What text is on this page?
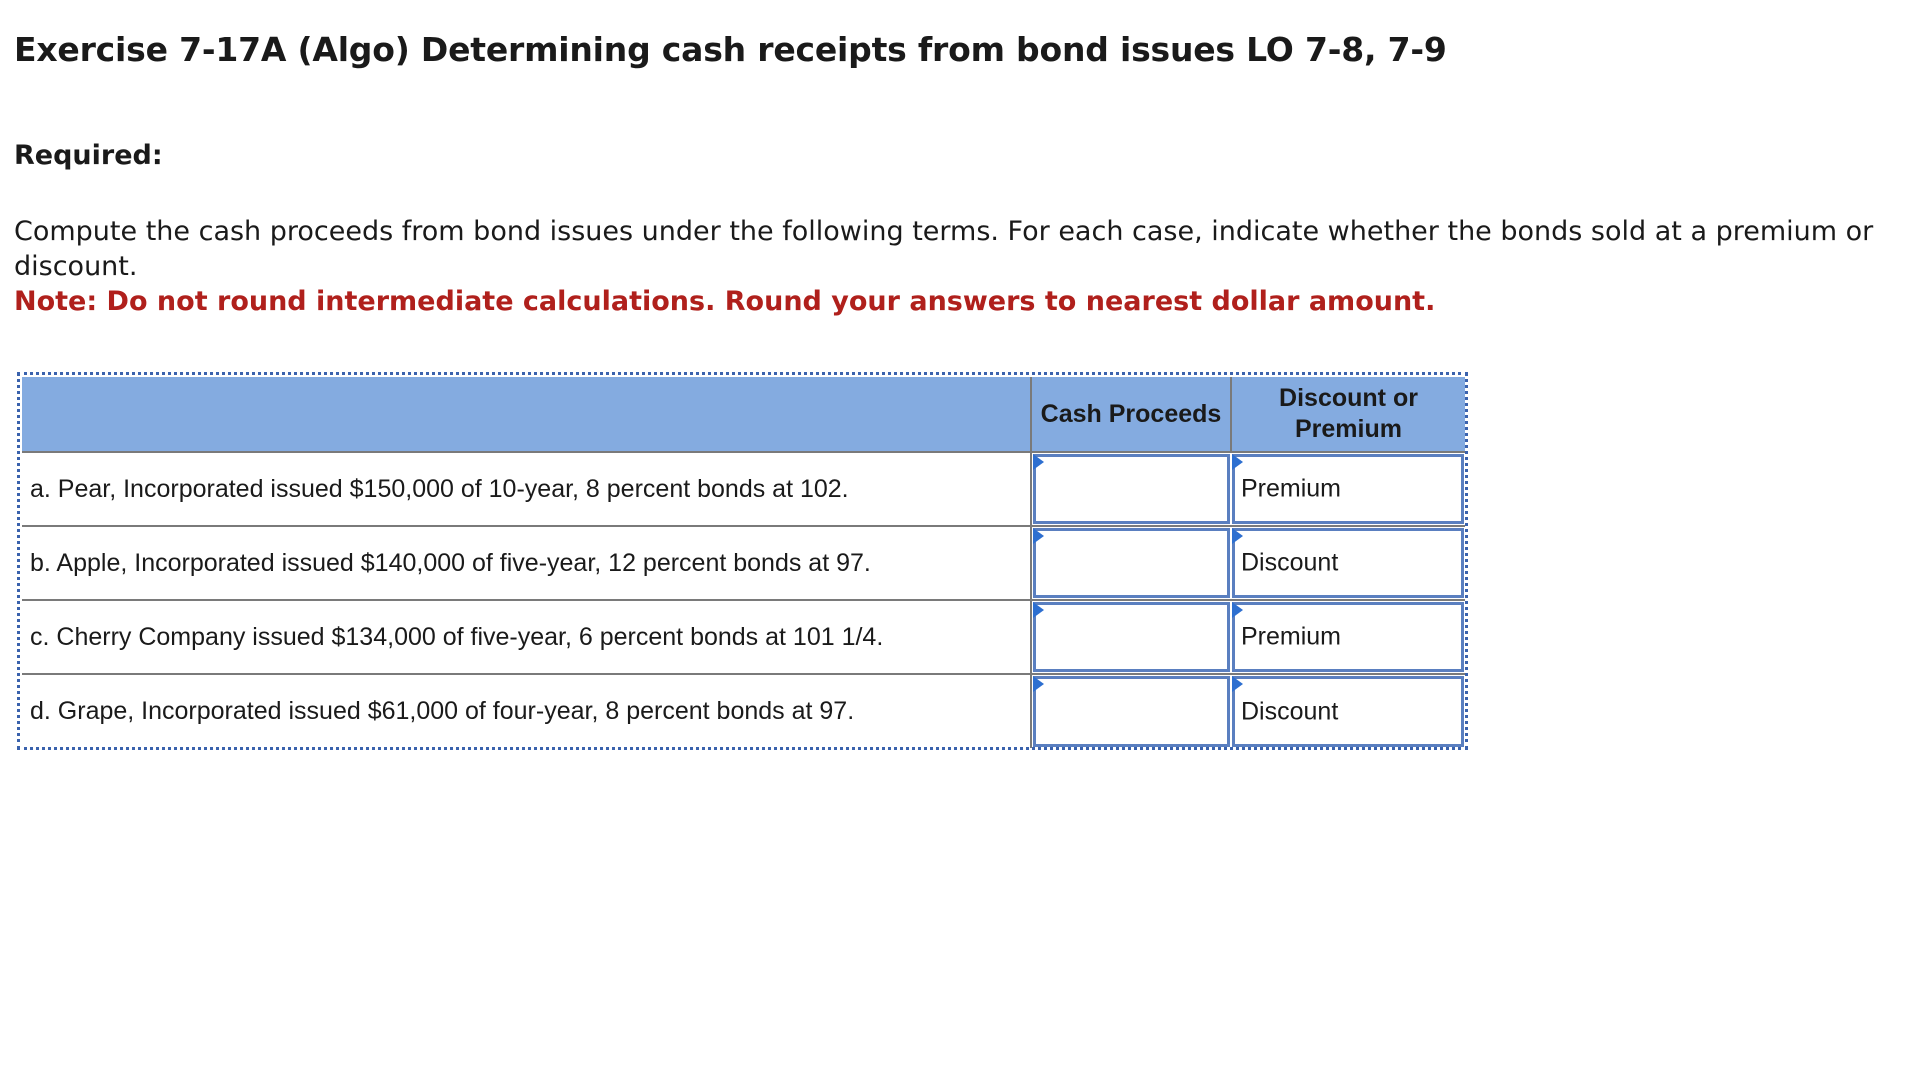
Exercise 7-17A (Algo) Determining cash receipts from bond issues LO 7-8, 7-9
Required:

Compute the cash proceeds from bond issues under the following terms. For each case, indicate whether the bonds sold at a premium or discount.

Note: Do not round intermediate calculations. Round your answers to nearest dollar amount.

	Cash Proceeds	Discount or Premium
a. Pear, Incorporated issued $150,000 of 10-year, 8 percent bonds at 102.		Premium

b. Apple, Incorporated issued $140,000 of five-year, 12 percent bonds at 97.		Discount

c. Cherry Company issued $134,000 of five-year, 6 percent bonds at 101 1/4.		Premium

d. Grape, Incorporated issued $61,000 of four-year, 8 percent bonds at 97.		Discount
